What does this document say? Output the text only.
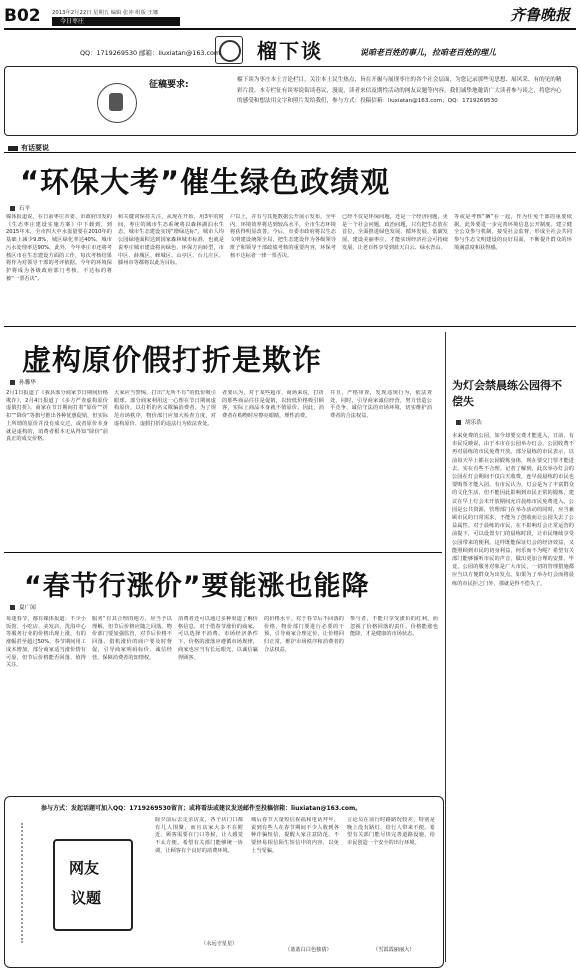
B02 2013年2月22日 星期五 编辑 张冲 组版 王娜
今日枣庄	齐鲁晚报
QQ：1719269530 邮箱：liuxiatan@163.com 榴下谈	说咱老百姓的事儿，拉咱老百姓的理儿
征稿要求:	榴下谈为枣庄本土言论栏目，关注本土民生热点，旨在开掘与展现枣庄的各个社会层面，为您记录那些见思想、展风采、有的见的精彩片段。本专栏征有谈零说街谈巷议，漫说，读者来信及期性活动的网友议题等内容。我们诚挚地邀请广大读者参与谈之，将您内心的感受和想法用文字和照片发给我们，参与方式：投稿信箱：liuxiatan@163.com；QQ：1719269530
有话要说
“环保大考”催生绿色政绩观
石平
媒体报道说，在日前枣庄市委、市政府印发的《生态枣庄建设实施方案》中下载到，到2015年末，全市四大中水蛋量要在2010年的基础上减少9.8%，城区绿化率达40%，城市污水处理率达90%，此外，今年枣庄市还将考核区市在生态建设方面的工作，每次考核结果将作为对领导干部的考评依据。今年的环境保护将成为各级政府部门考核，不达标的将被“一票否决”。
和关键词保持关注，从现在开始，用3年的时间，枣庄的城市生态系统将以森林湖泊水生态，城市生态建设实现“增绿达标”，城市人均公园绿地面积达到国家森林城市标准，也就是说枣庄城市建设将向绿色、环保方向转型，市中区、薛城区、峄城区、山亭区、台儿庄区、滕州市等都将以此为目标。
户以上，并有与其他数据公开展示发布，全年内，环境效率将达到较高水平，全市生态环境将获得明显改善。今后，市委市政府将以生态文明建设统领全局，把生态建设作为各级领导班子和领导干部政绩考核的重要内容，环保考核不达标者一律一票否决。
已经不仅是环保问题，还是一个经济问题，更是一个社会问题，政治问题，只有把生态放在首位，全面推进绿色发展、循环发展、低碳发展，建设美丽枣庄，才能实现经济社会可持续发展，让老百姓享受到蓝天白云、绿水青山。
等或是考核“捆”在一起，作为任免干部的重要依据。此外要进一步完善环境信息公开制度，建立健全公众参与机制，接受社会监督，形成全社会共同参与生态文明建设的良好局面，不断提升群众的环境满意度和获得感。
虚构原价假打折是欺诈
孙馨华
2月1日报道了《我县部分商家节日期间价格欺诈》，2月4日报道了《多方严查虚构原价虚假打折》。商家在节日期间打着“原价”“折扣”“降价”等旗号推出各种优惠促销，但实际上所谓的原价并没有成交过，或者原价本身就是虚构的，消费者根本无从得知“降价”前真正的成交价格。
大家应当警惕，打出“无所不有”的低价吸引眼球，部分商家利用这一心理在节日期间虚构原价，以打折的名义欺骗消费者。为了规范市场秩序，物价部门应加大检查力度，对虚构原价、虚假打折的违法行为依法查处。
者要认为，对于某些超市、商场来说，打折的那些商品往往是促销，以较低价格吸引顾客，实际上商品本身就不值原价。因此，消费者在购物时应擦亮眼睛，理性消费。
井且，严格审查，发现违规行为，依法查处，同时，引导商家诚信经营，努力营造公平竞争、诚信守法的市场环境，切实维护消费者的合法权益。
为灯会禁晨练公园得不偿失
胡乐浩
本来免费的公园，如今却要交费才能进入，日前，有市民反映说，由于本市在公园举办灯会，公园收费不再对晨练的市民免费开放。部分晨练的市民表示，以前每天早上都在公园锻炼身体，现在要交门票才能进去，实在有些不合理。记者了解到，此次举办灯会的公园在灯会期间不仅白天收费，连早晨晨练的市民也要购票才能入园。有市民认为，灯会是为了丰富群众的文化生活，但不能因此影响到市民正常的锻炼，建议在早上灯会未开放期间允许晨练市民免费进入。公园是公共资源，管理部门在举办活动的同时，应当兼顾市民的日常需求，不能为了创收而让公园失去了公益属性。对于晨练的市民，在不影响灯会正常运营的前提下，可以设置专门的晨练时段，让市民继续享受公园带来的便利。这样既能保证灯会的经济效益，又能照顾到市民的切身利益，何乐而不为呢？希望有关部门能够倾听市民的声音，做出更加合理的安排。毕竟，公园的服务对象是广大市民，一切的管理措施都应当以方便群众为出发点。如果为了举办灯会而将晨练的市民拒之门外，那就是得不偿失了。
“春节行涨价”要能涨也能降
夏广闻
每逢春节，都有媒体报道：不少小饭馆、小吃店、美发店、洗浴中心等服务行业的价格出现上涨，有的涨幅甚至超过50%。春节期间用工成本增加，部分商家适当涨价情有可原，但节后价格能否回落，值得关注。
服务“有其合理的地方，应当予以理解，但节后价格应随之回落。物价部门要加强监管，对节后价格不回落、借机涨价的商户要及时督促，引导商家明码标价、诚信经营，保障消费者的知情权。
消费者还可以通过多种渠道了解价格信息，对于借春节涨价的商家，可以选择不消费。市场经济条件下，价格的涨落应遵循市场规律，商家也应当有长远眼光，以诚信赢得顾客。
的价格水平。对于春节后不回落的价格，物价部门要进行必要的干预，引导商家合理定价，让价格回归正常，维护市场秩序和消费者的合法权益。
参与者，不能只享受涨价的红利，而忽视了价格回落的责任。价格能涨也能降，才是健康的市场状态。
参与方式：发起话题可加入QQ：1719269530留言；或将看法或建议发送邮件至投稿信箱：liuxiatan@163.com。
网友
议题
除夕前后去走亲访友，各个店门口都有几人围聚，而且店家大多不在附近，顾客需要在门口等候，让人感觉不太方便。希望有关部门能够统一协调，让顾客有个良好的消费环境。
（永远守星星）
城后春节大量短信祝福和电话拜年，说到有些人在春节期间不少人收到各种诈骗短信，提醒大家注意防范，不要轻易相信陌生短信中的内容，以免上当受骗。
（蓝蓝白白色独倩）
言论员在前行时路路况较差，特别是晚上没有路灯，给行人带来不便。希望有关部门能尽快完善道路设施，给市民创造一个安全的出行环境。
（雪霞霞丽丽大）
